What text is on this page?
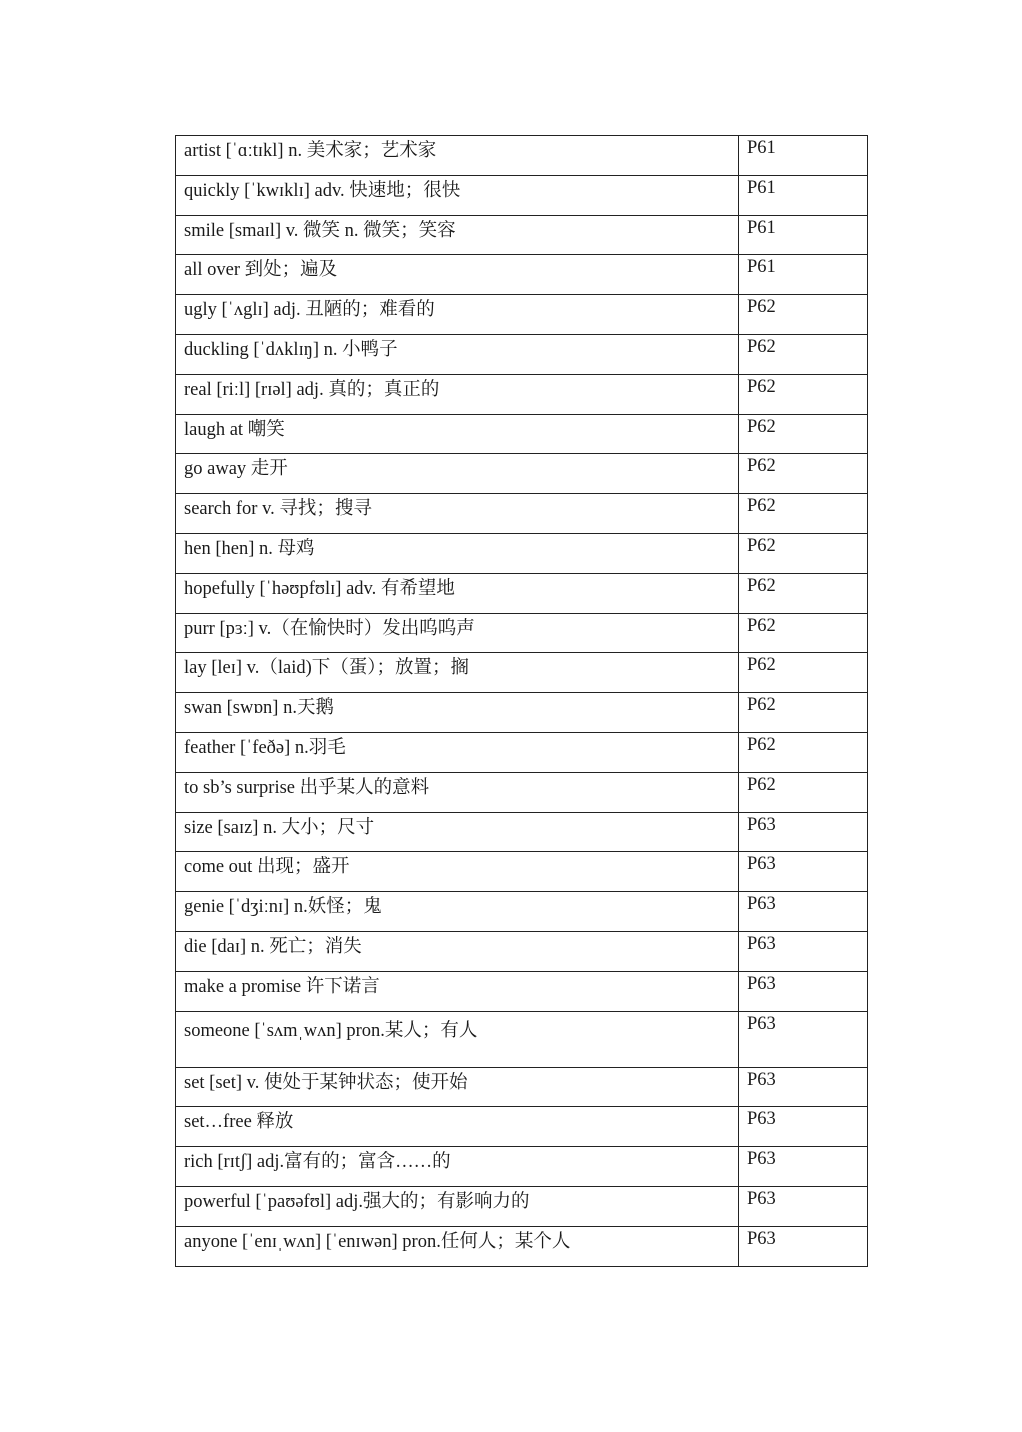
artist [ˈɑːtɪkl] n. 美术家；艺术家	P61
quickly [ˈkwɪklɪ] adv. 快速地；很快	P61
smile [smaɪl] v. 微笑 n. 微笑；笑容	P61
all over 到处；遍及	P61
ugly [ˈʌglɪ] adj. 丑陋的；难看的	P62
duckling [ˈdʌklɪŋ] n. 小鸭子	P62
real [riːl] [rɪəl] adj. 真的；真正的	P62
laugh at 嘲笑	P62
go away 走开	P62
search for v. 寻找；搜寻	P62
hen [hen] n. 母鸡	P62
hopefully [ˈhəʊpfʊlɪ] adv. 有希望地	P62
purr [pɜː] v.（在愉快时）发出呜呜声	P62
lay [leɪ] v.（laid)下（蛋）；放置；搁	P62
swan [swɒn] n.天鹅	P62
feather [ˈfeðə] n.羽毛	P62
to sb’s surprise 出乎某人的意料	P62
size [saɪz] n. 大小；尺寸	P63
come out 出现；盛开	P63
genie [ˈdʒiːnɪ] n.妖怪；鬼	P63
die [daɪ] n. 死亡；消失	P63
make a promise 许下诺言	P63
someone [ˈsʌmˌwʌn] pron.某人；有人	P63
set [set] v. 使处于某钟状态；使开始	P63
set…free 释放	P63
rich [rɪtʃ] adj.富有的；富含……的	P63
powerful [ˈpaʊəfʊl] adj.强大的；有影响力的	P63
anyone [ˈenɪˌwʌn] [ˈenɪwən] pron.任何人；某个人	P63
